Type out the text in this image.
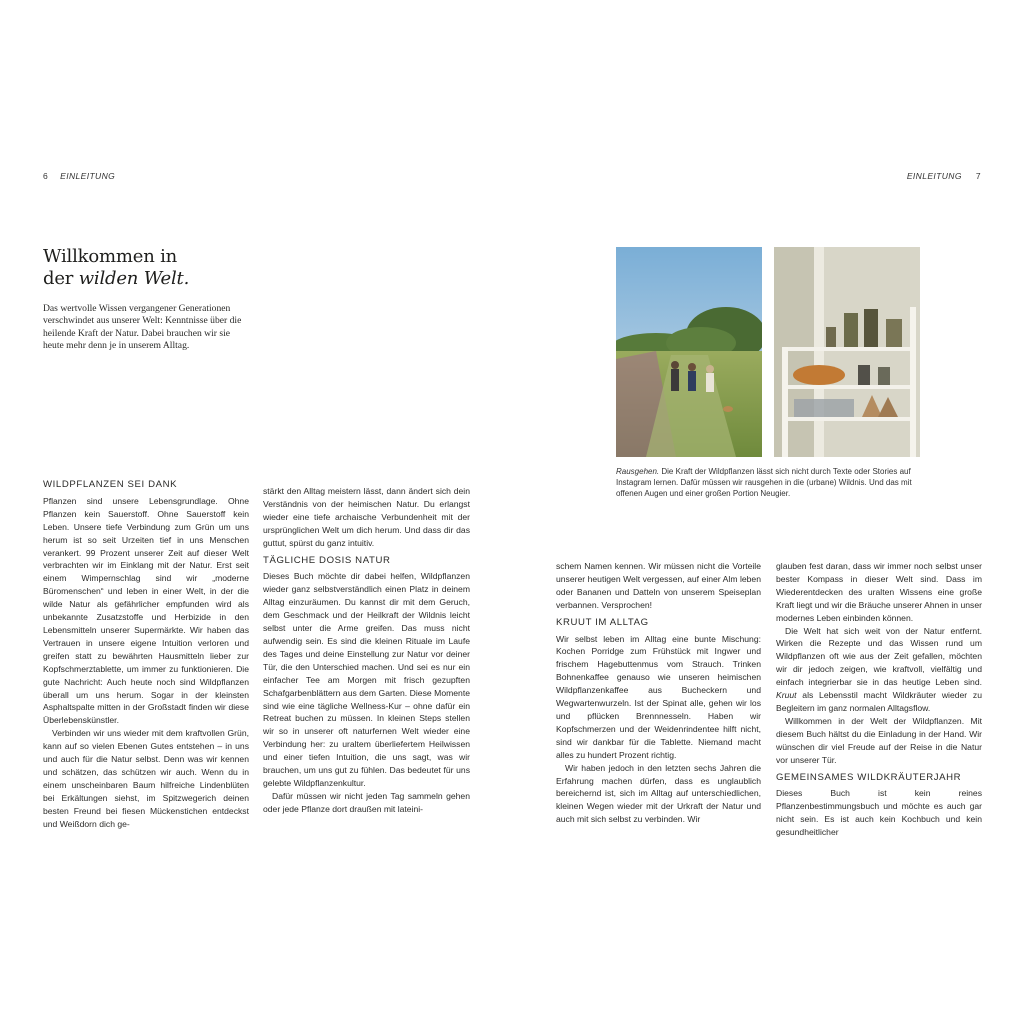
6 EINLEITUNG	EINLEITUNG 7
Willkommen in
der wilden Welt.

Das wertvolle Wissen vergangener Generationen verschwindet aus unserer Welt: Kenntnisse über die heilende Kraft der Natur. Dabei brauchen wir sie heute mehr denn je in unserem Alltag.

WILDPFLANZEN SEI DANK

Pflanzen sind unsere Lebensgrundlage. Ohne Pflanzen kein Sauerstoff. Ohne Sauerstoff kein Leben. Unsere tiefe Verbindung zum Grün um uns herum ist so seit Urzeiten tief in uns Menschen verankert. 99 Prozent unserer Zeit auf dieser Welt verbrachten wir im Einklang mit der Natur. Erst seit einem Wimpernschlag sind wir „moderne Büromenschen“ und leben in einer Welt, in der die wilde Natur als gefährlicher empfunden wird als unbekannte Zusatzstoffe und Herbizide in den Lebensmitteln unserer Supermärkte. Wir haben das Vertrauen in unsere eigene Intuition verloren und greifen statt zu bewährten Hausmitteln lieber zur Kopfschmerztablette, um immer zu funktionieren. Die gute Nachricht: Auch heute noch sind Wildpflanzen überall um uns herum. Sogar in der kleinsten Asphaltspalte mitten in der Großstadt finden wir diese Überlebenskünstler.

Verbinden wir uns wieder mit dem kraftvollen Grün, kann auf so vielen Ebenen Gutes entstehen – in uns und auch für die Natur selbst. Denn was wir kennen und schätzen, das schützen wir auch. Wenn du in einem unscheinbaren Baum hilfreiche Lindenblüten bei Erkältungen siehst, im Spitzwegerich deinen besten Freund bei fiesen Mückenstichen entdeckst und Weißdorn dich ge-

stärkt den Alltag meistern lässt, dann ändert sich dein Verständnis von der heimischen Natur. Du erlangst wieder eine tiefe archaische Verbundenheit mit der ursprünglichen Welt um dich herum. Und dass dir das guttut, spürst du ganz intuitiv.

TÄGLICHE DOSIS NATUR

Dieses Buch möchte dir dabei helfen, Wildpflanzen wieder ganz selbstverständlich einen Platz in deinem Alltag einzuräumen. Du kannst dir mit dem Geruch, dem Geschmack und der Heilkraft der Wildnis leicht selbst unter die Arme greifen. Das muss nicht aufwendig sein. Es sind die kleinen Rituale im Laufe des Tages und deine Einstellung zur Natur vor deiner Tür, die den Unterschied machen. Und sei es nur ein einfacher Tee am Morgen mit frisch gezupften Schafgarbenblättern aus dem Garten. Diese Momente sind wie eine tägliche Wellness-Kur – ohne dafür ein Retreat buchen zu müssen. In kleinen Steps stellen wir so in unserer oft naturfernen Welt wieder eine Verbindung her: zu uraltem überliefertem Heilwissen und einer tiefen Intuition, die uns sagt, was wir brauchen, um uns gut zu fühlen. Das bedeutet für uns gelebte Wildpflanzenkultur.

Dafür müssen wir nicht jeden Tag sammeln gehen oder jede Pflanze dort draußen mit lateini-

Rausgehen. Die Kraft der Wildpflanzen lässt sich nicht durch Texte oder Stories auf Instagram lernen. Dafür müssen wir rausgehen in die (urbane) Wildnis. Und das mit offenen Augen und einer großen Portion Neugier.

schem Namen kennen. Wir müssen nicht die Vorteile unserer heutigen Welt vergessen, auf einer Alm leben oder Bananen und Datteln von unserem Speiseplan verbannen. Versprochen!

KRUUT IM ALLTAG

Wir selbst leben im Alltag eine bunte Mischung: Kochen Porridge zum Frühstück mit Ingwer und frischem Hagebuttenmus vom Strauch. Trinken Bohnenkaffee genauso wie unseren heimischen Wildpflanzenkaffee aus Bucheckern und Wegwartenwurzeln. Ist der Spinat alle, gehen wir los und pflücken Brennnesseln. Haben wir Kopfschmerzen und der Weidenrindentee hilft nicht, sind wir dankbar für die Tablette. Niemand macht alles zu hundert Prozent richtig.

Wir haben jedoch in den letzten sechs Jahren die Erfahrung machen dürfen, dass es unglaublich bereichernd ist, sich im Alltag auf unterschiedlichen, kleinen Wegen wieder mit der Urkraft der Natur und auch mit sich selbst zu verbinden. Wir

glauben fest daran, dass wir immer noch selbst unser bester Kompass in dieser Welt sind. Dass im Wiederentdecken des uralten Wissens eine große Kraft liegt und wir die Bräuche unserer Ahnen in unser modernes Leben einbinden können.

Die Welt hat sich weit von der Natur entfernt. Wirken die Rezepte und das Wissen rund um Wildpflanzen oft wie aus der Zeit gefallen, möchten wir dir jedoch zeigen, wie kraftvoll, vielfältig und einfach integrierbar sie in das heutige Leben sind. Kruut als Lebensstil macht Wildkräuter wieder zu Begleitern im ganz normalen Alltagsflow.

Willkommen in der Welt der Wildpflanzen. Mit diesem Buch hältst du die Einladung in der Hand. Wir wünschen dir viel Freude auf der Reise in die Natur vor unserer Tür.

GEMEINSAMES WILDKRÄUTERJAHR

Dieses Buch ist kein reines Pflanzenbestimmungsbuch und möchte es auch gar nicht sein. Es ist auch kein Kochbuch und kein gesundheitlicher
